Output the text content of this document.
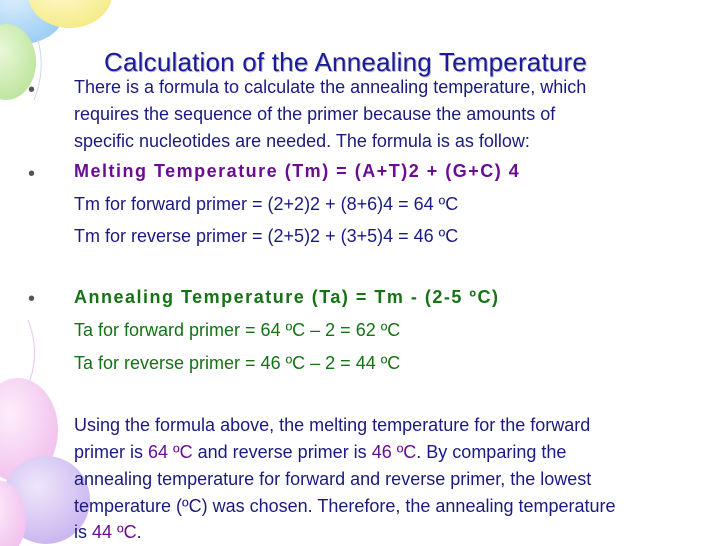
Calculation of the Annealing Temperature
• There is a formula to calculate the annealing temperature, which
requires the sequence of the primer because the amounts of
specific nucleotides are needed. The formula is as follow:
• Melting Temperature (Tm) = (A+T)2 + (G+C) 4
Tm for forward primer = (2+2)2 + (8+6)4 = 64 ºC
Tm for reverse primer = (2+5)2 + (3+5)4 = 46 ºC
• Annealing Temperature (Ta) = Tm - (2-5 ºC)
Ta for forward primer = 64 ºC – 2 = 62 ºC
Ta for reverse primer = 46 ºC – 2 = 44 ºC
Using the formula above, the melting temperature for the forward
primer is 64 ºC and reverse primer is 46 ºC. By comparing the
annealing temperature for forward and reverse primer, the lowest
temperature (ºC) was chosen. Therefore, the annealing temperature
is 44 ºC.
